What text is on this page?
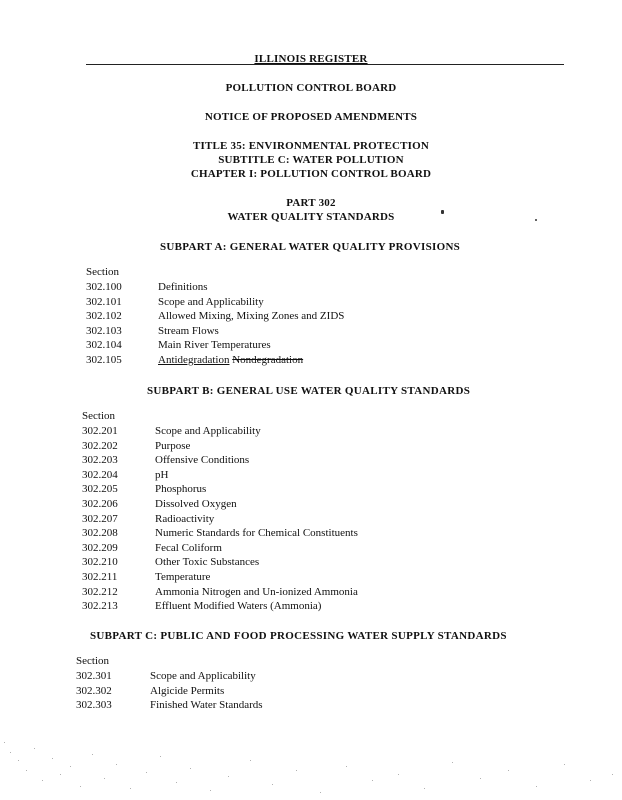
ILLINOIS REGISTER
POLLUTION CONTROL BOARD
NOTICE OF PROPOSED AMENDMENTS
TITLE 35: ENVIRONMENTAL PROTECTION
SUBTITLE C: WATER POLLUTION
CHAPTER I: POLLUTION CONTROL BOARD
PART 302
WATER QUALITY STANDARDS
SUBPART A: GENERAL WATER QUALITY PROVISIONS
Section
302.100	Definitions
302.101	Scope and Applicability
302.102	Allowed Mixing, Mixing Zones and ZIDS
302.103	Stream Flows
302.104	Main River Temperatures
302.105	Antidegradation Nondegradation
SUBPART B: GENERAL USE WATER QUALITY STANDARDS
Section
302.201	Scope and Applicability
302.202	Purpose
302.203	Offensive Conditions
302.204	pH
302.205	Phosphorus
302.206	Dissolved Oxygen
302.207	Radioactivity
302.208	Numeric Standards for Chemical Constituents
302.209	Fecal Coliform
302.210	Other Toxic Substances
302.211	Temperature
302.212	Ammonia Nitrogen and Un-ionized Ammonia
302.213	Effluent Modified Waters (Ammonia)
SUBPART C: PUBLIC AND FOOD PROCESSING WATER SUPPLY STANDARDS
Section
302.301	Scope and Applicability
302.302	Algicide Permits
302.303	Finished Water Standards
